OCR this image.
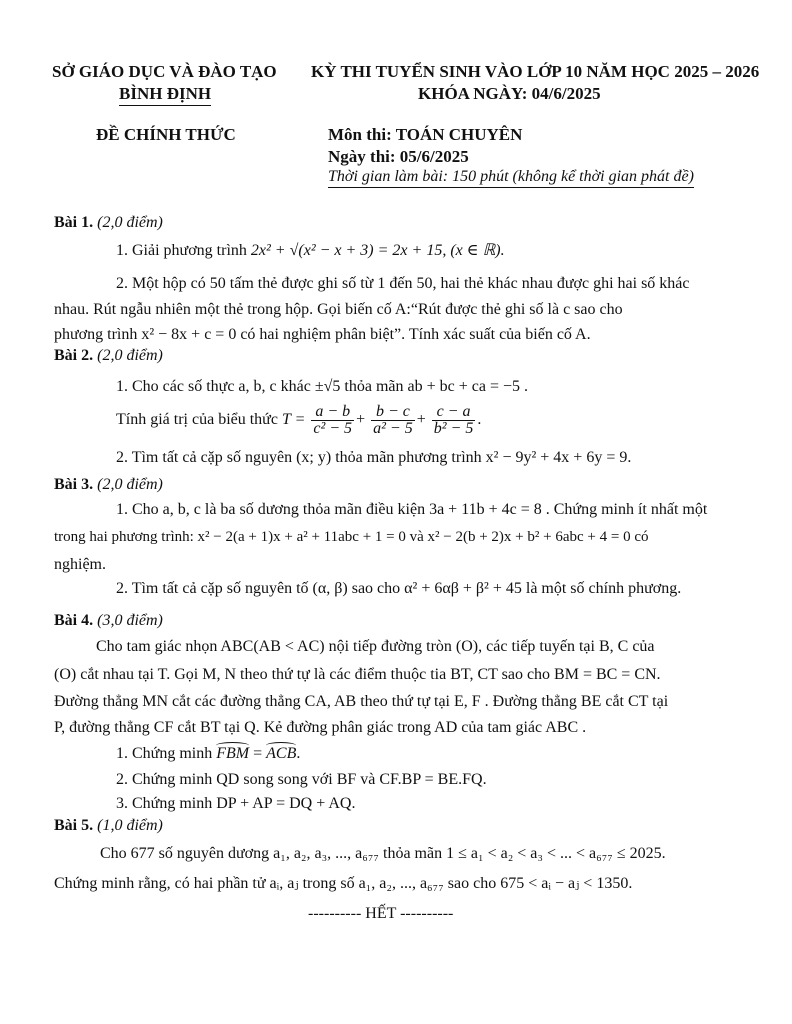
SỞ GIÁO DỤC VÀ ĐÀO TẠO
BÌNH ĐỊNH
ĐỀ CHÍNH THỨC
KỲ THI TUYỂN SINH VÀO LỚP 10 NĂM HỌC 2025 – 2026
KHÓA NGÀY: 04/6/2025
Môn thi: TOÁN CHUYÊN
Ngày thi: 05/6/2025
Thời gian làm bài: 150 phút (không kể thời gian phát đề)
Bài 1. (2,0 điểm)
1. Giải phương trình 2x² + √(x² − x + 3) = 2x + 15, (x ∈ ℝ).
2. Một hộp có 50 tấm thẻ được ghi số từ 1 đến 50, hai thẻ khác nhau được ghi hai số khác
nhau. Rút ngẫu nhiên một thẻ trong hộp. Gọi biến cố A:“Rút được thẻ ghi số là c sao cho
phương trình x² − 8x + c = 0 có hai nghiệm phân biệt”. Tính xác suất của biến cố A.
Bài 2. (2,0 điểm)
1. Cho các số thực a, b, c khác ±√5 thỏa mãn ab + bc + ca = −5 .
Tính giá trị của biểu thức $T = \frac{a - b}{\text{c² − 5}} + \frac{b - c}{\text{a² − 5}} + \frac{c - a}{\text{b² − 5}}$ .
2. Tìm tất cả cặp số nguyên (x; y) thỏa mãn phương trình x² − 9y² + 4x + 6y = 9.
Bài 3. (2,0 điểm)
1. Cho a, b, c là ba số dương thỏa mãn điều kiện 3a + 11b + 4c = 8 . Chứng minh ít nhất một
trong hai phương trình: x² − 2(a + 1)x + a² + 11abc + 1 = 0 và x² − 2(b + 2)x + b² + 6abc + 4 = 0 có
nghiệm.
2. Tìm tất cả cặp số nguyên tố (α, β) sao cho α² + 6αβ + β² + 45 là một số chính phương.
Bài 4. (3,0 điểm)
Cho tam giác nhọn ABC(AB < AC) nội tiếp đường tròn (O), các tiếp tuyến tại B, C của
(O) cắt nhau tại T. Gọi M, N theo thứ tự là các điểm thuộc tia BT, CT sao cho BM = BC = CN.
Đường thẳng MN cắt các đường thẳng CA, AB theo thứ tự tại E, F . Đường thẳng BE cắt CT tại
P, đường thẳng CF cắt BT tại Q. Kẻ đường phân giác trong AD của tam giác ABC .
1. Chứng minh FBM = ACB.
2. Chứng minh QD song song với BF và CF.BP = BE.FQ.
3. Chứng minh DP + AP = DQ + AQ.
Bài 5. (1,0 điểm)
Cho 677 số nguyên dương a₁, a₂, a₃, ..., a₆₇₇ thỏa mãn 1 ≤ a₁ < a₂ < a₃ < ... < a₆₇₇ ≤ 2025.
Chứng minh rằng, có hai phần tử aᵢ, aⱼ trong số a₁, a₂, ..., a₆₇₇ sao cho 675 < aᵢ − aⱼ < 1350.
---------- HẾT ----------
